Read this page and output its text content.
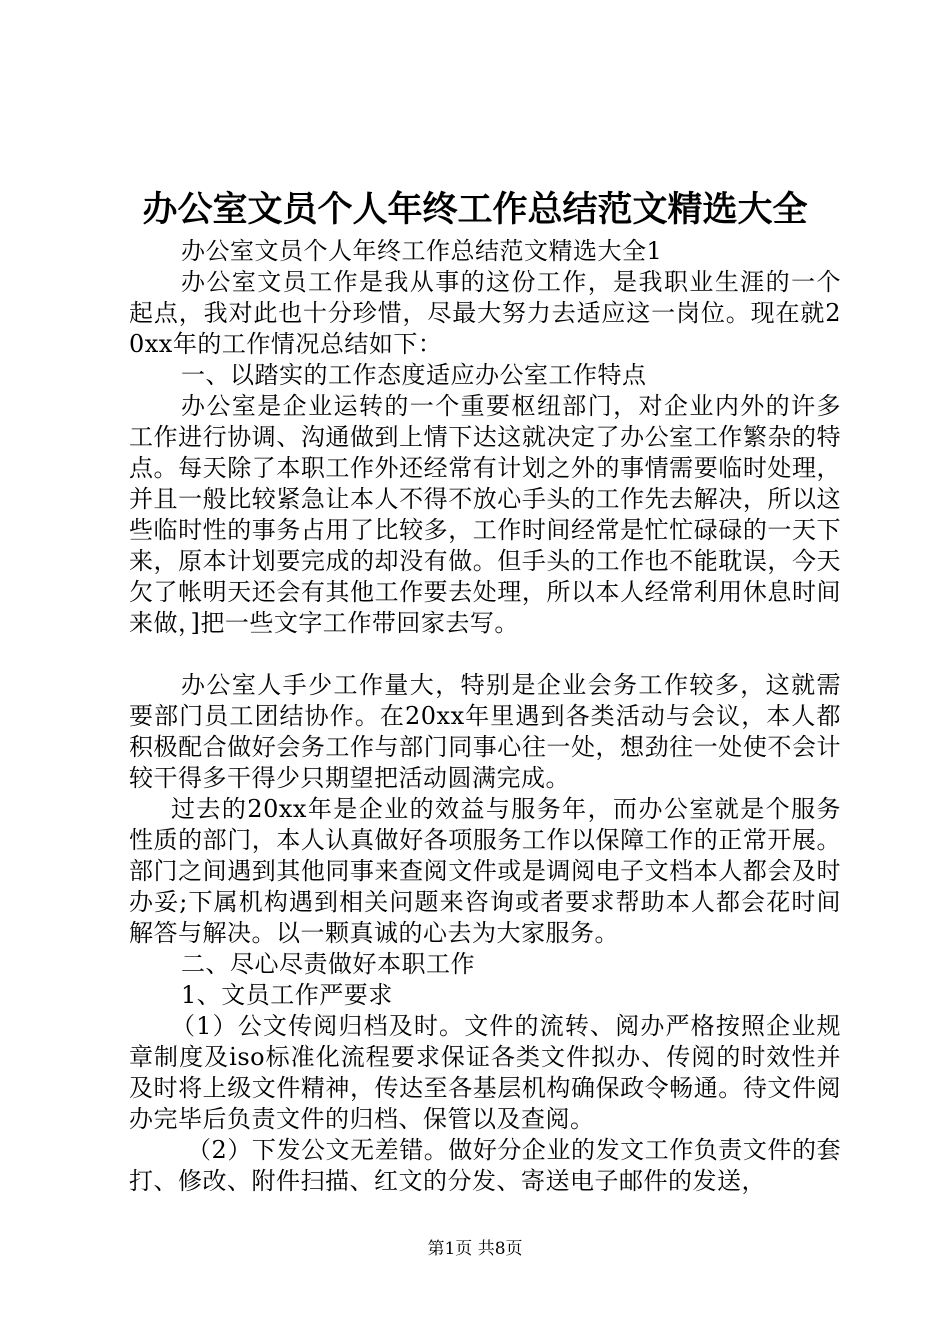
办公室文员个人年终工作总结范文精选大全

办公室文员个人年终工作总结范文精选大全1

办公室文员工作是我从事的这份工作，是我职业生涯的一个起点，我对此也十分珍惜，尽最大努力去适应这一岗位。现在就20xx年的工作情况总结如下：

一、以踏实的工作态度适应办公室工作特点

办公室是企业运转的一个重要枢纽部门，对企业内外的许多工作进行协调、沟通做到上情下达这就决定了办公室工作繁杂的特点。每天除了本职工作外还经常有计划之外的事情需要临时处理，并且一般比较紧急让本人不得不放心手头的工作先去解决，所以这些临时性的事务占用了比较多，工作时间经常是忙忙碌碌的一天下来，原本计划要完成的却没有做。但手头的工作也不能耽误，今天欠了帐明天还会有其他工作要去处理，所以本人经常利用休息时间来做，]把一些文字工作带回家去写。

办公室人手少工作量大，特别是企业会务工作较多，这就需要部门员工团结协作。在20xx年里遇到各类活动与会议，本人都积极配合做好会务工作与部门同事心往一处，想劲往一处使不会计较干得多干得少只期望把活动圆满完成。

过去的20xx年是企业的效益与服务年，而办公室就是个服务性质的部门，本人认真做好各项服务工作以保障工作的正常开展。部门之间遇到其他同事来查阅文件或是调阅电子文档本人都会及时办妥;下属机构遇到相关问题来咨询或者要求帮助本人都会花时间解答与解决。以一颗真诚的心去为大家服务。

二、尽心尽责做好本职工作

1、文员工作严要求

（1）公文传阅归档及时。文件的流转、阅办严格按照企业规章制度及iso标准化流程要求保证各类文件拟办、传阅的时效性并及时将上级文件精神，传达至各基层机构确保政令畅通。待文件阅办完毕后负责文件的归档、保管以及查阅。

（2）下发公文无差错。做好分企业的发文工作负责文件的套打、修改、附件扫描、红文的分发、寄送电子邮件的发送，

第1页 共8页
